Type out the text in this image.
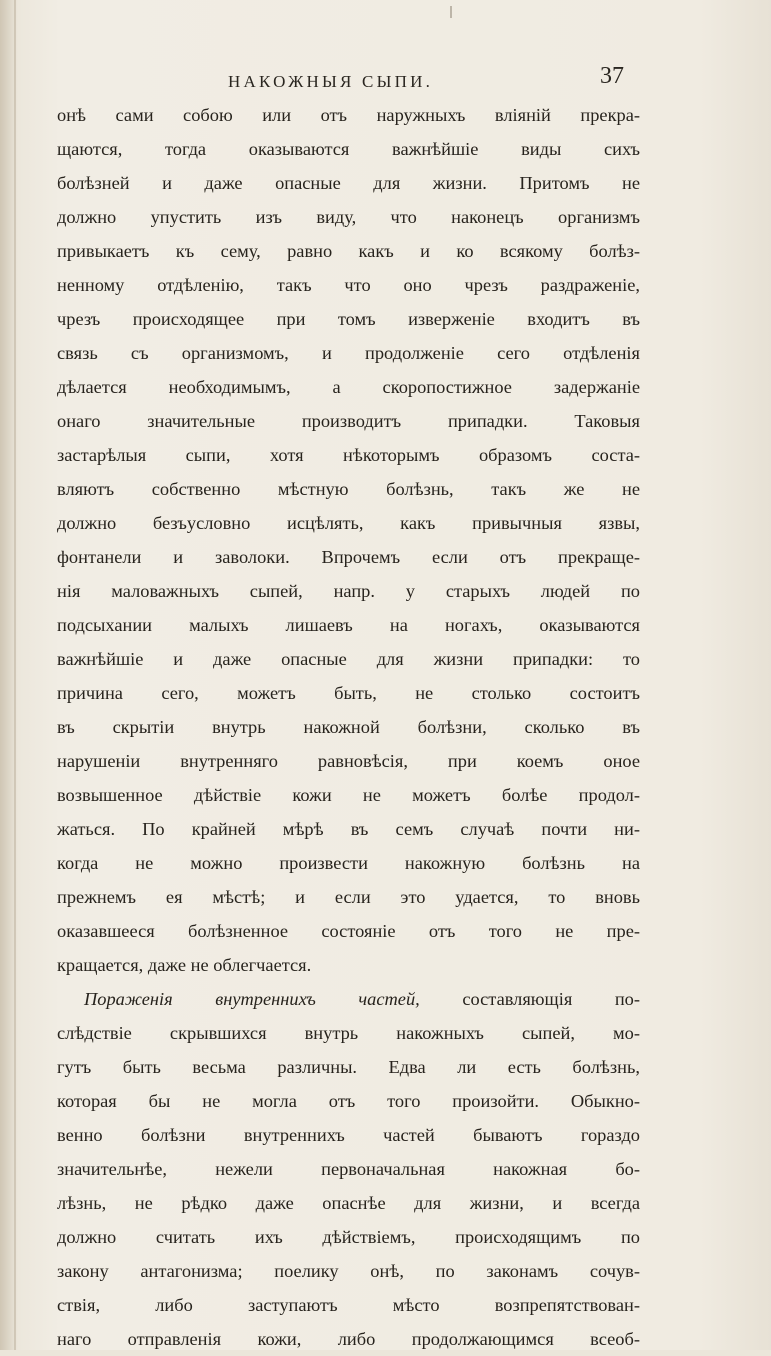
НАКОЖНЫЯ СЫПИ.	37
онѣ сами собою или отъ наружныхъ влiянiй прекра-
щаются, тогда оказываются важнѣйшiе виды сихъ
болѣзней и даже опасные для жизни. Притомъ не
должно упустить изъ виду, что наконецъ организмъ
привыкаетъ къ сему, равно какъ и ко всякому болѣз-
ненному отдѣленiю, такъ что оно чрезъ раздраженiе,
чрезъ происходящее при томъ изверженiе входитъ въ
связь съ организмомъ, и продолженiе сего отдѣленiя
дѣлается необходимымъ, а скоропостижное задержанiе
онаго значительные производитъ припадки. Таковыя
застарѣлыя сыпи, хотя нѣкоторымъ образомъ соста-
вляютъ собственно мѣстную болѣзнь, такъ же не
должно безъусловно исцѣлять, какъ привычныя язвы,
фонтанели и заволоки. Впрочемъ если отъ прекраще-
нiя маловажныхъ сыпей, напр. у старыхъ людей по
подсыхании малыхъ лишаевъ на ногахъ, оказываются
важнѣйшiе и даже опасные для жизни припадки: то
причина сего, можетъ быть, не столько состоитъ
въ скрытiи внутрь накожной болѣзни, сколько въ
нарушенiи внутренняго равновѣсiя, при коемъ оное
возвышенное дѣйствiе кожи не можетъ болѣе продол-
жаться. По крайней мѣрѣ въ семъ случаѣ почти ни-
когда не можно произвести накожную болѣзнь на
прежнемъ ея мѣстѣ; и если это удается, то вновь
оказавшееся болѣзненное состоянiе отъ того не пре-
кращается, даже не облегчается.
Пораженiя внутреннихъ частей, составляющiя по-
слѣдствiе скрывшихся внутрь накожныхъ сыпей, мо-
гутъ быть весьма различны. Едва ли есть болѣзнь,
которая бы не могла отъ того произойти. Обыкно-
венно болѣзни внутреннихъ частей бываютъ гораздо
значительнѣе, нежели первоначальная накожная бо-
лѣзнь, не рѣдко даже опаснѣе для жизни, и всегда
должно считать ихъ дѣйствiемъ, происходящимъ по
закону антагонизма; поелику онѣ, по законамъ сочув-
ствiя, либо заступаютъ мѣсто возпрепятствован-
наго отправленiя кожи, либо продолжающимся всеоб-
